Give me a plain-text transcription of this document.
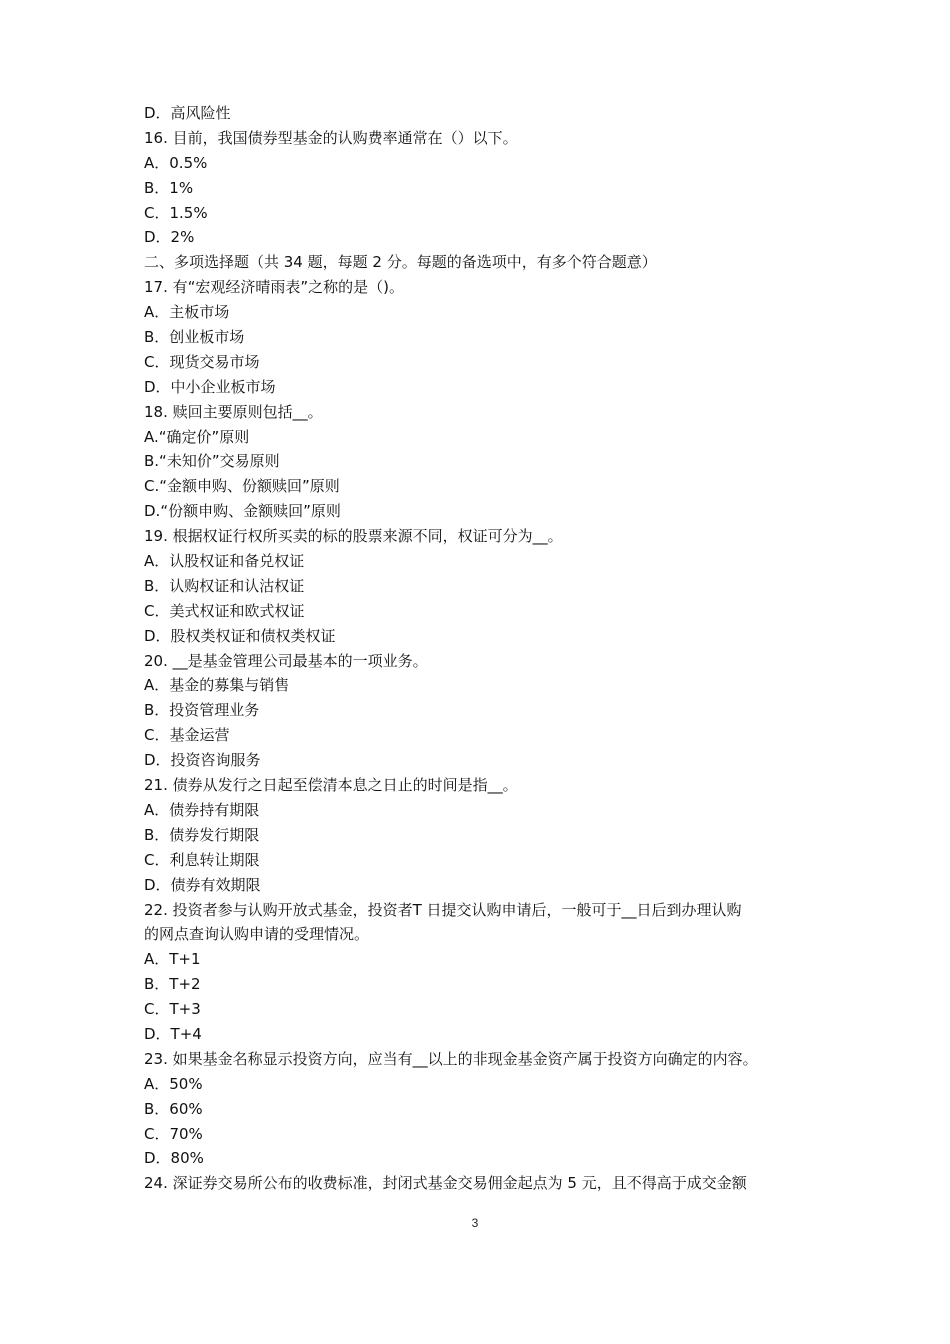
D．高风险性
16. 目前，我国债券型基金的认购费率通常在（）以下。
A．0.5%
B．1%
C．1.5%
D．2%
二、多项选择题（共 34 题，每题 2 分。每题的备选项中，有多个符合题意）
17. 有“宏观经济晴雨表”之称的是（)。
A．主板市场
B．创业板市场
C．现货交易市场
D．中小企业板市场
18. 赎回主要原则包括__。
A.“确定价”原则
B.“未知价”交易原则
C.“金额申购、份额赎回”原则
D.“份额申购、金额赎回”原则
19. 根据权证行权所买卖的标的股票来源不同，权证可分为__。
A．认股权证和备兑权证
B．认购权证和认沽权证
C．美式权证和欧式权证
D．股权类权证和债权类权证
20. __是基金管理公司最基本的一项业务。
A．基金的募集与销售
B．投资管理业务
C．基金运营
D．投资咨询服务
21. 债券从发行之日起至偿清本息之日止的时间是指__。
A．债券持有期限
B．债券发行期限
C．利息转让期限
D．债券有效期限
22. 投资者参与认购开放式基金，投资者T 日提交认购申请后，一般可于__日后到办理认购
的网点查询认购申请的受理情况。
A．T+1
B．T+2
C．T+3
D．T+4
23. 如果基金名称显示投资方向，应当有__以上的非现金基金资产属于投资方向确定的内容。
A．50%
B．60%
C．70%
D．80%
24. 深证券交易所公布的收费标准，封闭式基金交易佣金起点为 5 元，且不得高于成交金额
3
